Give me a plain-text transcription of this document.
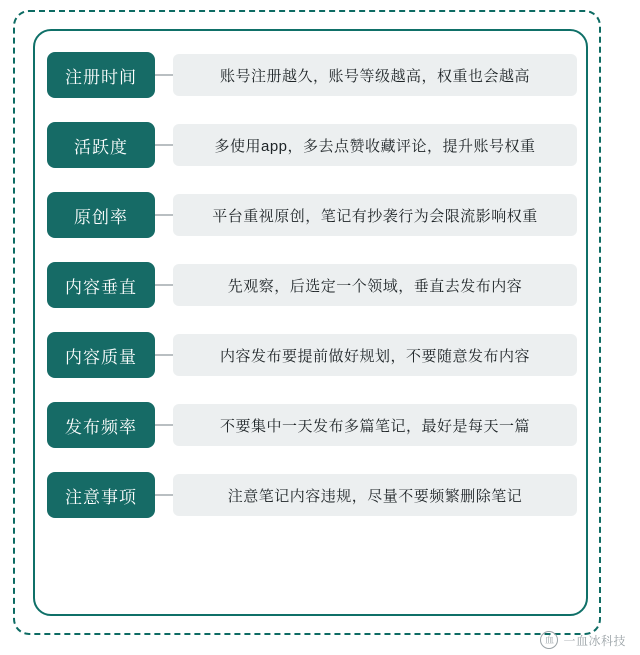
注册时间	账号注册越久，账号等级越高，权重也会越高
活跃度	多使用app，多去点赞收藏评论，提升账号权重
原创率	平台重视原创，笔记有抄袭行为会限流影响权重
内容垂直	先观察，后选定一个领域，垂直去发布内容
内容质量	内容发布要提前做好规划，不要随意发布内容
发布频率	不要集中一天发布多篇笔记，最好是每天一篇
注意事项	注意笔记内容违规，尽量不要频繁删除笔记
血 一血冰科技
